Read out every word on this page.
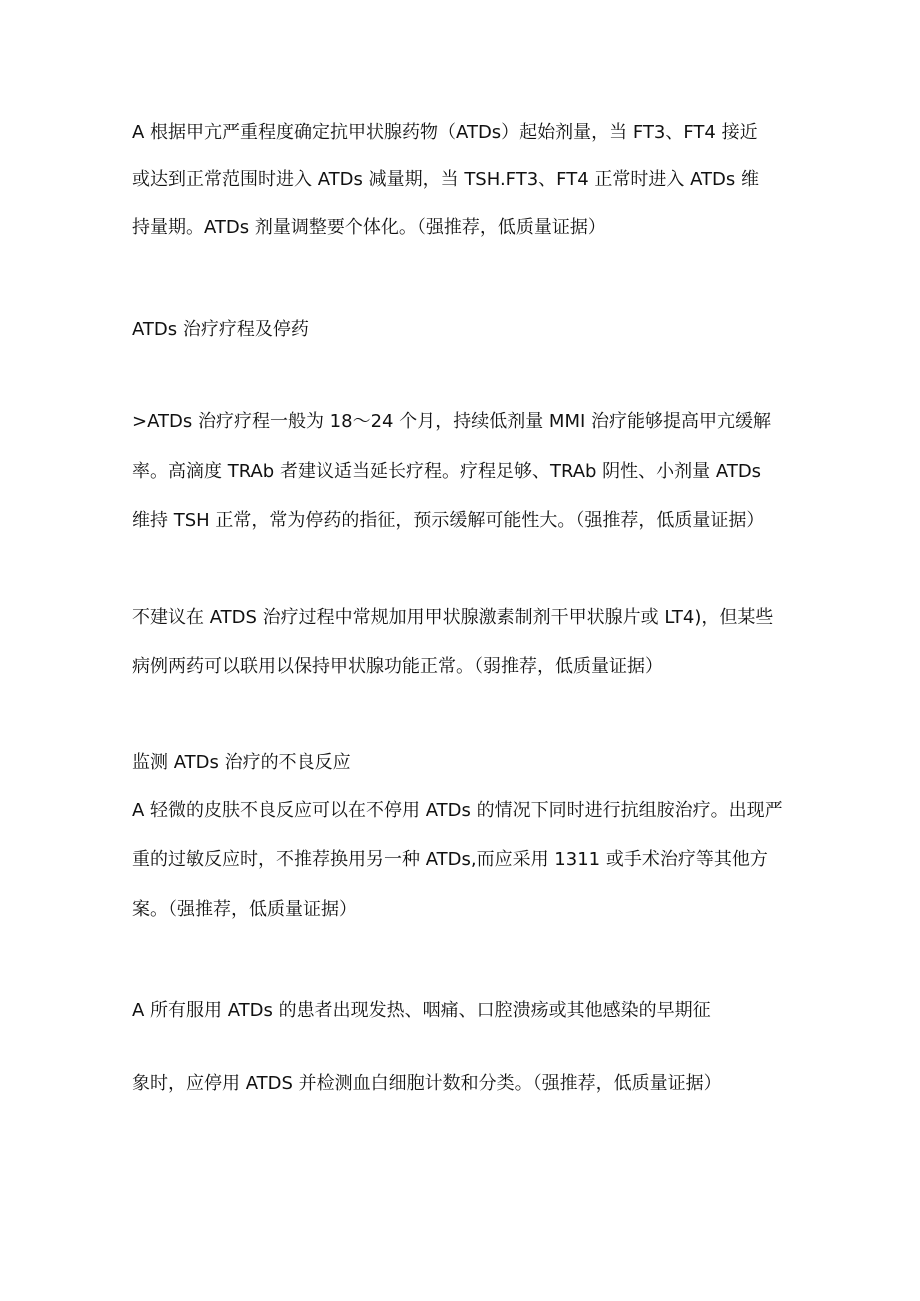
A 根据甲亢严重程度确定抗甲状腺药物（ATDs）起始剂量，当 FT3、FT4 接近
或达到正常范围时进入 ATDs 减量期，当 TSH.FT3、FT4 正常时进入 ATDs 维
持量期。ATDs 剂量调整要个体化。（强推荐，低质量证据）
ATDs 治疗疗程及停药
>ATDs 治疗疗程一般为 18～24 个月，持续低剂量 MMI 治疗能够提高甲亢缓解
率。高滴度 TRAb 者建议适当延长疗程。疗程足够、TRAb 阴性、小剂量 ATDs
维持 TSH 正常，常为停药的指征，预示缓解可能性大。（强推荐，低质量证据）
不建议在 ATDS 治疗过程中常规加用甲状腺激素制剂干甲状腺片或 LT4)，但某些
病例两药可以联用以保持甲状腺功能正常。（弱推荐，低质量证据）
监测 ATDs 治疗的不良反应
A 轻微的皮肤不良反应可以在不停用 ATDs 的情况下同时进行抗组胺治疗。出现严
重的过敏反应时，不推荐换用另一种 ATDs,而应采用 1311 或手术治疗等其他方
案。（强推荐，低质量证据）
A 所有服用 ATDs 的患者出现发热、咽痛、口腔溃疡或其他感染的早期征
象时，应停用 ATDS 并检测血白细胞计数和分类。（强推荐，低质量证据）
